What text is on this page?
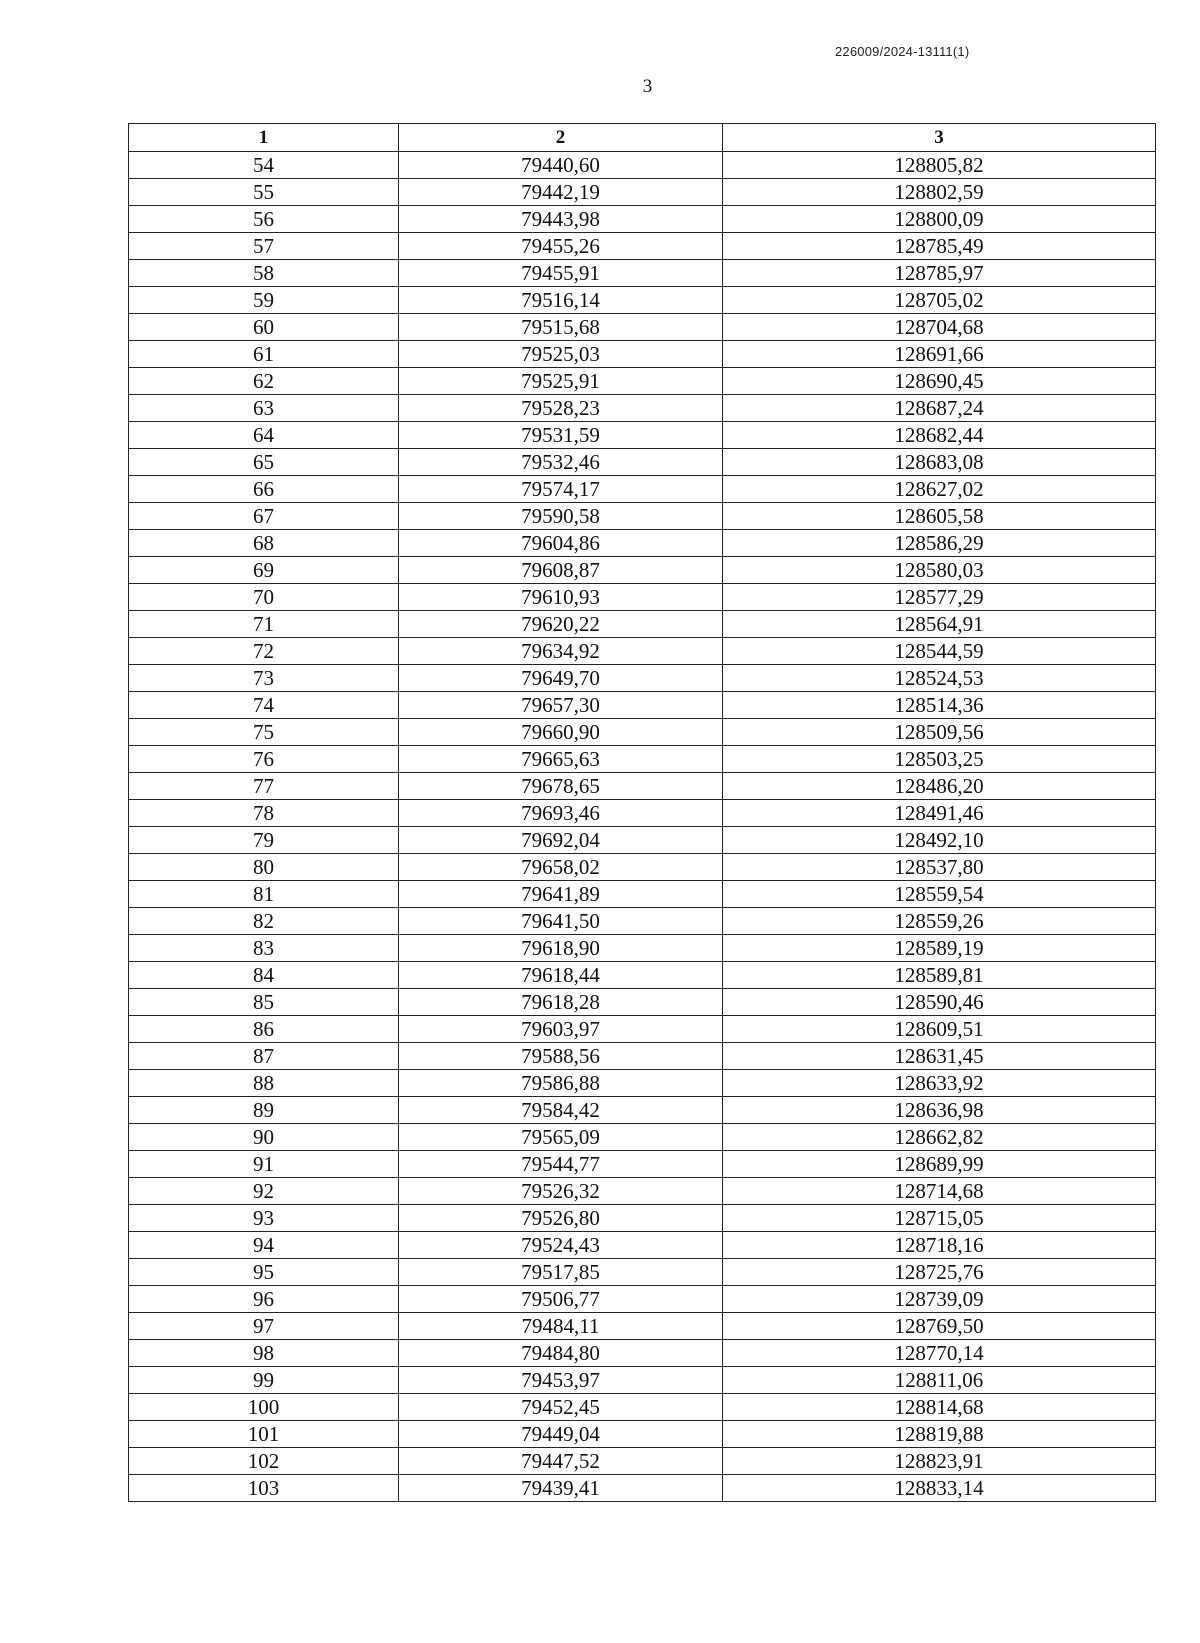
226009/2024-13111(1)
3
1	2	3
54	79440,60	128805,82
55	79442,19	128802,59
56	79443,98	128800,09
57	79455,26	128785,49
58	79455,91	128785,97
59	79516,14	128705,02
60	79515,68	128704,68
61	79525,03	128691,66
62	79525,91	128690,45
63	79528,23	128687,24
64	79531,59	128682,44
65	79532,46	128683,08
66	79574,17	128627,02
67	79590,58	128605,58
68	79604,86	128586,29
69	79608,87	128580,03
70	79610,93	128577,29
71	79620,22	128564,91
72	79634,92	128544,59
73	79649,70	128524,53
74	79657,30	128514,36
75	79660,90	128509,56
76	79665,63	128503,25
77	79678,65	128486,20
78	79693,46	128491,46
79	79692,04	128492,10
80	79658,02	128537,80
81	79641,89	128559,54
82	79641,50	128559,26
83	79618,90	128589,19
84	79618,44	128589,81
85	79618,28	128590,46
86	79603,97	128609,51
87	79588,56	128631,45
88	79586,88	128633,92
89	79584,42	128636,98
90	79565,09	128662,82
91	79544,77	128689,99
92	79526,32	128714,68
93	79526,80	128715,05
94	79524,43	128718,16
95	79517,85	128725,76
96	79506,77	128739,09
97	79484,11	128769,50
98	79484,80	128770,14
99	79453,97	128811,06
100	79452,45	128814,68
101	79449,04	128819,88
102	79447,52	128823,91
103	79439,41	128833,14
